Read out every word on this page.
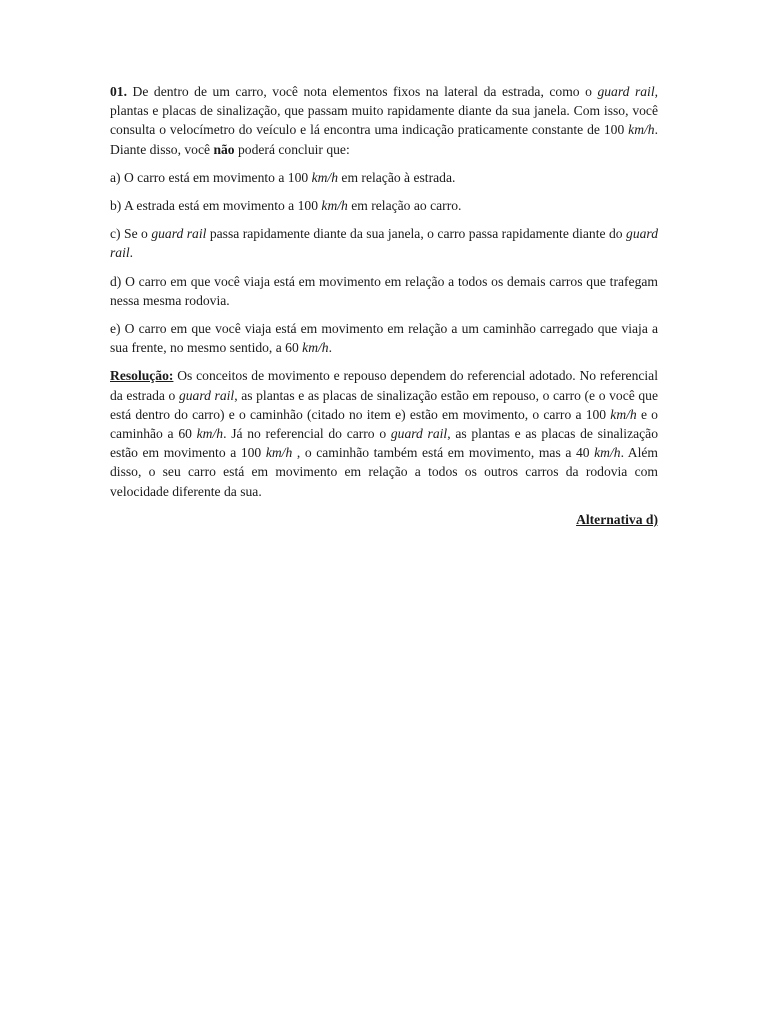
01. De dentro de um carro, você nota elementos fixos na lateral da estrada, como o guard rail, plantas e placas de sinalização, que passam muito rapidamente diante da sua janela. Com isso, você consulta o velocímetro do veículo e lá encontra uma indicação praticamente constante de 100 km/h. Diante disso, você não poderá concluir que:

a) O carro está em movimento a 100 km/h em relação à estrada.

b) A estrada está em movimento a 100 km/h em relação ao carro.

c) Se o guard rail passa rapidamente diante da sua janela, o carro passa rapidamente diante do guard rail.

d) O carro em que você viaja está em movimento em relação a todos os demais carros que trafegam nessa mesma rodovia.

e) O carro em que você viaja está em movimento em relação a um caminhão carregado que viaja a sua frente, no mesmo sentido, a 60 km/h.

Resolução: Os conceitos de movimento e repouso dependem do referencial adotado. No referencial da estrada o guard rail, as plantas e as placas de sinalização estão em repouso, o carro (e o você que está dentro do carro) e o caminhão (citado no item e) estão em movimento, o carro a 100 km/h e o caminhão a 60 km/h. Já no referencial do carro o guard rail, as plantas e as placas de sinalização estão em movimento a 100 km/h , o caminhão também está em movimento, mas a 40 km/h. Além disso, o seu carro está em movimento em relação a todos os outros carros da rodovia com velocidade diferente da sua.

Alternativa d)
